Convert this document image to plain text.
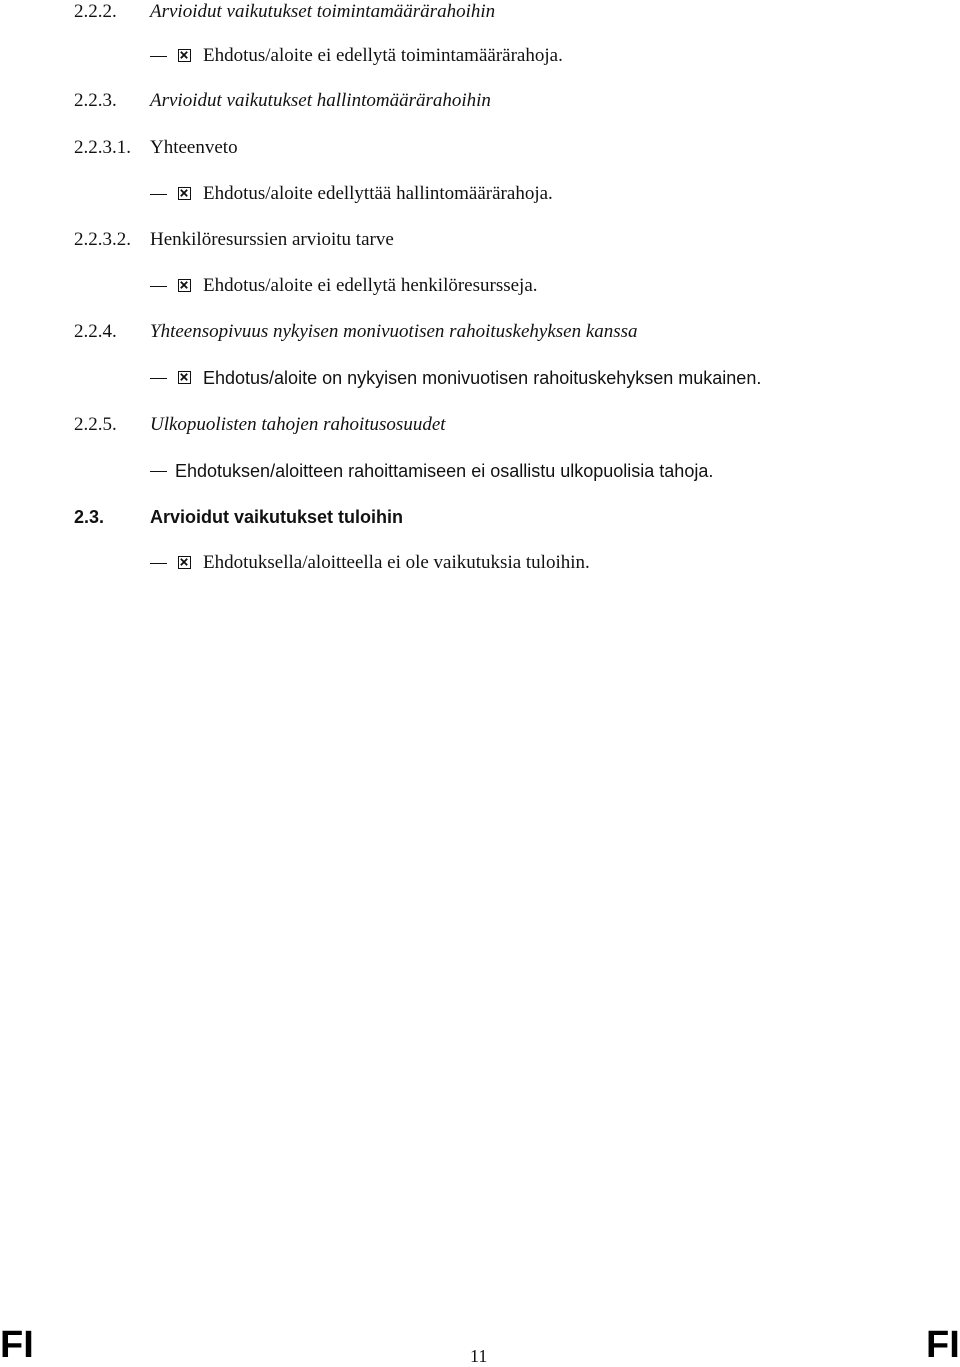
2.2.2. Arvioidut vaikutukset toimintamäärärahoihin
Ehdotus/aloite ei edellytä toimintamäärärahoja.
2.2.3. Arvioidut vaikutukset hallintomäärärahoihin
2.2.3.1. Yhteenveto
Ehdotus/aloite edellyttää hallintomäärärahoja.
2.2.3.2. Henkilöresurssien arvioitu tarve
Ehdotus/aloite ei edellytä henkilöresursseja.
2.2.4. Yhteensopivuus nykyisen monivuotisen rahoituskehyksen kanssa
Ehdotus/aloite on nykyisen monivuotisen rahoituskehyksen mukainen.
2.2.5. Ulkopuolisten tahojen rahoitusosuudet
Ehdotuksen/aloitteen rahoittamiseen ei osallistu ulkopuolisia tahoja.
2.3.	Arvioidut vaikutukset tuloihin
Ehdotuksella/aloitteella ei ole vaikutuksia tuloihin.
FI	11	FI
